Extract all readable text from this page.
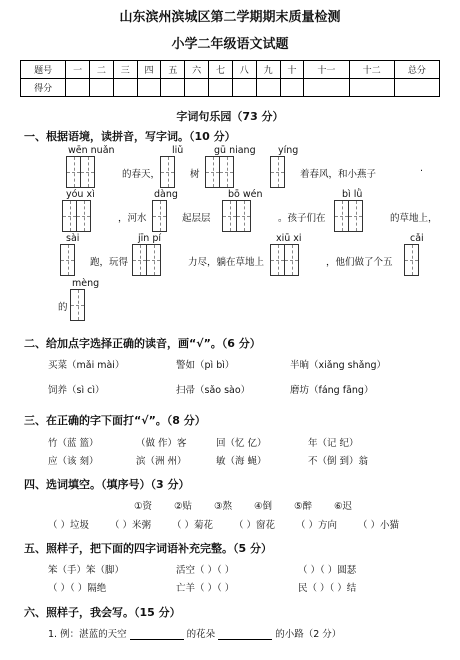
山东滨州滨城区第二学期期末质量检测
小学二年级语文试题
题号	一	二	三	四	五	六	七	八	九	十	十一	十二	总分
得分													
字词句乐园（73 分）
一、根据语境，读拼音，写字词。（10 分）
wēn nuǎn
的春天，
liǔ
树
gū niang yíng
着春风，和小燕子	·
yóu xì
，河水
dàng
起层层
bō wén
。孩子们在
bì lǜ
的草地上，
sài
跑，玩得
jīn pí
力尽，躺在草地上
xiū xi
，他们做了个五
cǎi
mèng
的
二、给加点字选择正确的读音，画“√”。（6 分）
买菜（mǎi mài）	警如（pì bì）	半晌（xiǎng shǎng）
饲养（sì cì）	扫帚（sǎo sào）	磨坊（fáng fāng）
三、在正确的字下面打“√”。（8 分）
竹（蓝 篮）	（做 作）客	回（忆 亿）	年（记 纪）
应（该 刻）	滨（洲 州）	敏（海 蝇）	不（倒 到）翁
四、选词填空。（填序号）（3 分）
①资 ②贴 ③熬 ④倒 ⑤醉 ⑥迟
（ ）垃圾 （ ）米粥 （ ）菊花 （ ）窗花 （ ）方向 （ ）小猫
五、照样子，把下面的四字词语补充完整。（5 分）
笨（手）笨（脚）	活空（ ）（ ）	（ ）（ ）圆瑟
（ ）（ ）隔绝	亡羊（ ）（ ）	民（ ）（ ）结
六、照样子，我会写。（15 分）
1. 例：湛蓝的天空	的花朵	的小路（2 分）
